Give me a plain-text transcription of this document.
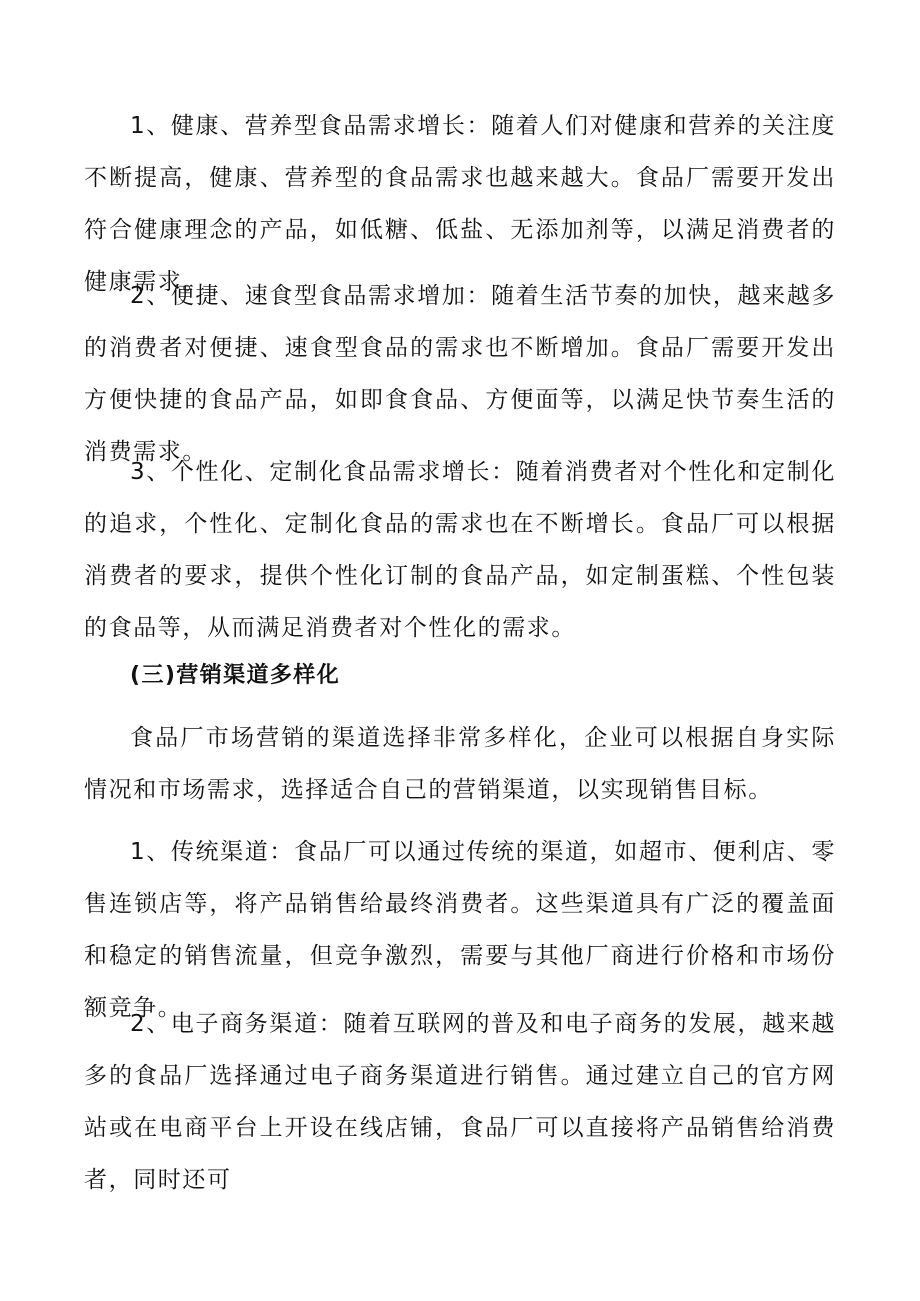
1、健康、营养型食品需求增长：随着人们对健康和营养的关注度不断提高，健康、营养型的食品需求也越来越大。食品厂需要开发出符合健康理念的产品，如低糖、低盐、无添加剂等，以满足消费者的健康需求。

2、便捷、速食型食品需求增加：随着生活节奏的加快，越来越多的消费者对便捷、速食型食品的需求也不断增加。食品厂需要开发出方便快捷的食品产品，如即食食品、方便面等，以满足快节奏生活的消费需求。

3、个性化、定制化食品需求增长：随着消费者对个性化和定制化的追求，个性化、定制化食品的需求也在不断增长。食品厂可以根据消费者的要求，提供个性化订制的食品产品，如定制蛋糕、个性包装的食品等，从而满足消费者对个性化的需求。

(三)营销渠道多样化

食品厂市场营销的渠道选择非常多样化，企业可以根据自身实际情况和市场需求，选择适合自己的营销渠道，以实现销售目标。

1、传统渠道：食品厂可以通过传统的渠道，如超市、便利店、零售连锁店等，将产品销售给最终消费者。这些渠道具有广泛的覆盖面和稳定的销售流量，但竞争激烈，需要与其他厂商进行价格和市场份额竞争。

2、电子商务渠道：随着互联网的普及和电子商务的发展，越来越多的食品厂选择通过电子商务渠道进行销售。通过建立自己的官方网站或在电商平台上开设在线店铺，食品厂可以直接将产品销售给消费者，同时还可
